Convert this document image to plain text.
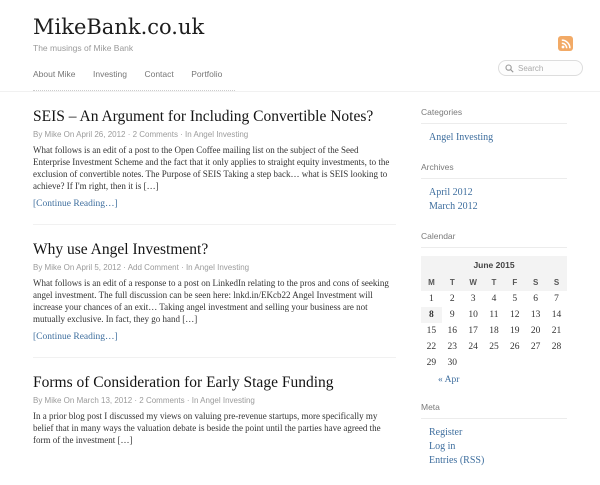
MikeBank.co.uk
The musings of Mike Bank
About Mike Investing Contact Portfolio
Search
SEIS – An Argument for Including Convertible Notes?
By Mike On April 26, 2012 · 2 Comments · In Angel Investing

What follows is an edit of a post to the Open Coffee mailing list on the subject of the Seed Enterprise Investment Scheme and the fact that it only applies to straight equity investments, to the exclusion of convertible notes. The Purpose of SEIS Taking a step back… what is SEIS looking to achieve? If I'm right, then it is […]

[Continue Reading…]
Why use Angel Investment?
By Mike On April 5, 2012 · Add Comment · In Angel Investing

What follows is an edit of a response to a post on LinkedIn relating to the pros and cons of seeking angel investment. The full discussion can be seen here: lnkd.in/EKcb22 Angel Investment will increase your chances of an exit… Taking angel investment and selling your business are not mutually exclusive. In fact, they go hand […]

[Continue Reading…]
Forms of Consideration for Early Stage Funding
By Mike On March 13, 2012 · 2 Comments · In Angel Investing

In a prior blog post I discussed my views on valuing pre-revenue startups, more specifically my belief that in many ways the valuation debate is beside the point until the parties have agreed the form of the investment […]

Categories
Angel Investing
Archives
April 2012
March 2012
Calendar
June 2015
M	T	W	T	F	S	S
« Apr						
1	2	3	4	5	6	7
8	9	10	11	12	13	14
15	16	17	18	19	20	21
22	23	24	25	26	27	28
29	30					
Meta
Register
Log in
Entries (RSS)
